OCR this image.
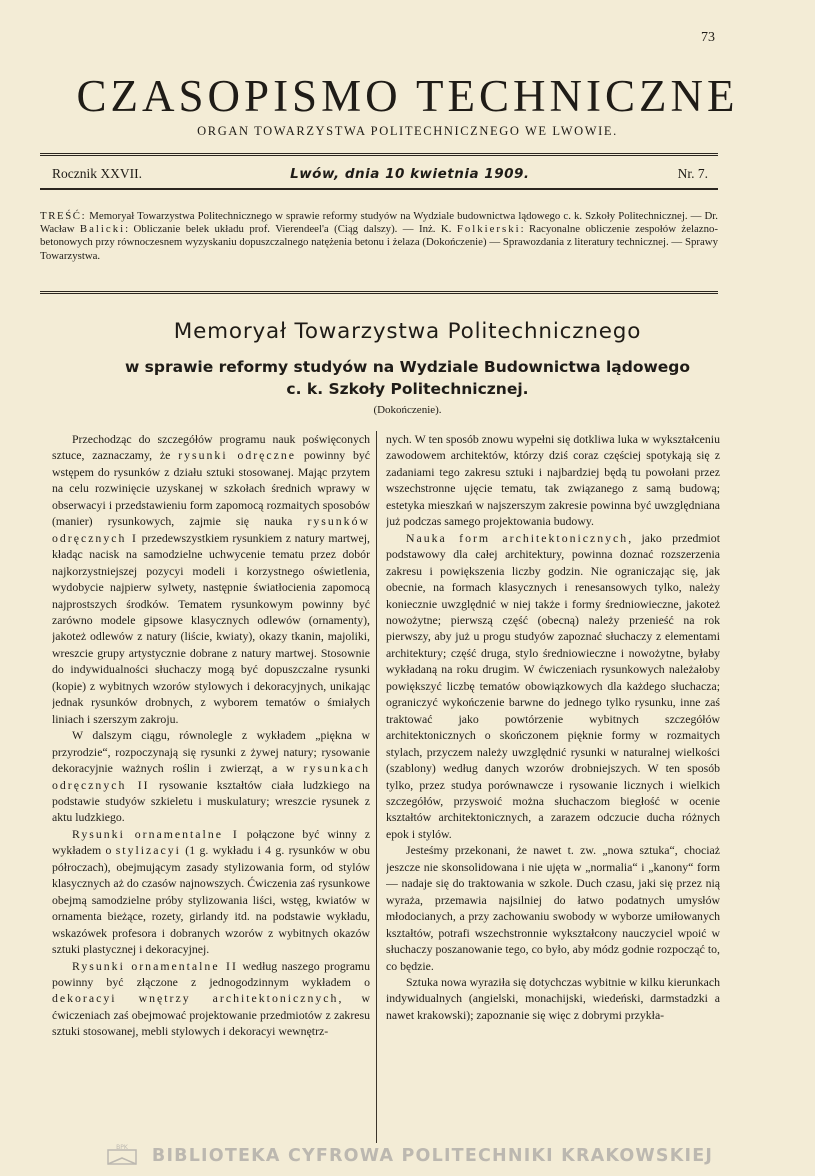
73
CZASOPISMO TECHNICZNE
ORGAN TOWARZYSTWA POLITECHNICZNEGO WE LWOWIE.
Rocznik XXVII.	Lwów, dnia 10 kwietnia 1909.	Nr. 7.
TREŚĆ: Memoryał Towarzystwa Politechnicznego w sprawie reformy studyów na Wydziale budownictwa lądowego c. k. Szkoły Politechnicznej. — Dr. Wacław Balicki: Obliczanie belek układu prof. Vierendeel'a (Ciąg dalszy). — Inż. K. Folkierski: Racyonalne obliczenie zespołów żelazno-betonowych przy równoczesnem wyzyskaniu dopuszczalnego natężenia betonu i żelaza (Dokończenie) — Sprawozdania z literatury technicznej. — Sprawy Towarzystwa.
Memoryał Towarzystwa Politechnicznego
w sprawie reformy studyów na Wydziale Budownictwa lądowego
c. k. Szkoły Politechnicznej.
(Dokończenie).

Przechodząc do szczegółów programu nauk poświęconych sztuce, zaznaczamy, że rysunki odręczne powinny być wstępem do rysunków z działu sztuki stosowanej. Mając przytem na celu rozwinięcie uzyskanej w szkołach średnich wprawy w obserwacyi i przedstawieniu form zapomocą rozmaitych sposobów (manier) rysunkowych, zajmie się nauka rysunków odręcznych I przedewszystkiem rysunkiem z natury martwej, kładąc nacisk na samodzielne uchwycenie tematu przez dobór najkorzystniejszej pozycyi modeli i korzystnego oświetlenia, wydobycie najpierw sylwety, następnie światłocienia zapomocą najprostszych środków. Tematem rysunkowym powinny być zarówno modele gipsowe klasycznych odlewów (ornamenty), jakoteż odlewów z natury (liście, kwiaty), okazy tkanin, majoliki, wreszcie grupy artystycznie dobrane z natury martwej. Stosownie do indywidualności słuchaczy mogą być dopuszczalne rysunki (kopie) z wybitnych wzorów stylowych i dekoracyjnych, unikając jednak rysunków drobnych, z wyborem tematów o śmiałych liniach i szerszym zakroju.

W dalszym ciągu, równolegle z wykładem „piękna w przyrodzie“, rozpoczynają się rysunki z żywej natury; rysowanie dekoracyjnie ważnych roślin i zwierząt, a w rysunkach odręcznych II rysowanie kształtów ciała ludzkiego na podstawie studyów szkieletu i muskulatury; wreszcie rysunek z aktu ludzkiego.

Rysunki ornamentalne I połączone być winny z wykładem o stylizacyi (1 g. wykładu i 4 g. rysunków w obu półroczach), obejmującym zasady stylizowania form, od stylów klasycznych aż do czasów najnowszych. Ćwiczenia zaś rysunkowe obejmą samodzielne próby stylizowania liści, wstęg, kwiatów w ornamenta bieżące, rozety, girlandy itd. na podstawie wykładu, wskazówek profesora i dobranych wzorów z wybitnych okazów sztuki plastycznej i dekoracyjnej.

Rysunki ornamentalne II według naszego programu powinny być złączone z jednogodzinnym wykładem o dekoracyi wnętrzy architektonicznych, w ćwiczeniach zaś obejmować projektowanie przedmiotów z zakresu sztuki stosowanej, mebli stylowych i dekoracyi wewnętrz-

nych. W ten sposób znowu wypełni się dotkliwa luka w wykształceniu zawodowem architektów, którzy dziś coraz częściej spotykają się z zadaniami tego zakresu sztuki i najbardziej będą tu powołani przez wszechstronne ujęcie tematu, tak związanego z samą budową; estetyka mieszkań w najszerszym zakresie powinna być uwzględniana już podczas samego projektowania budowy.

Nauka form architektonicznych, jako przedmiot podstawowy dla całej architektury, powinna doznać rozszerzenia zakresu i powiększenia liczby godzin. Nie ograniczając się, jak obecnie, na formach klasycznych i renesansowych tylko, należy koniecznie uwzględnić w niej także i formy średniowieczne, jakoteż nowożytne; pierwszą część (obecną) należy przenieść na rok pierwszy, aby już u progu studyów zapoznać słuchaczy z elementami architektury; część druga, stylo średniowieczne i nowożytne, byłaby wykładaną na roku drugim. W ćwiczeniach rysunkowych należałoby powiększyć liczbę tematów obowiązkowych dla każdego słuchacza; ograniczyć wykończenie barwne do jednego tylko rysunku, inne zaś traktować jako powtórzenie wybitnych szczegółów architektonicznych o skończonem pięknie formy w rozmaitych stylach, przyczem należy uwzględnić rysunki w naturalnej wielkości (szablony) według danych wzorów drobniejszych. W ten sposób tylko, przez studya porównawcze i rysowanie licznych i wielkich szczegółów, przyswoić można słuchaczom biegłość w ocenie kształtów architektonicznych, a zarazem odczucie ducha różnych epok i stylów.

Jesteśmy przekonani, że nawet t. zw. „nowa sztuka“, chociaż jeszcze nie skonsolidowana i nie ujęta w „normalia“ i „kanony“ form — nadaje się do traktowania w szkole. Duch czasu, jaki się przez nią wyraża, przemawia najsilniej do łatwo podatnych umysłów młodocianych, a przy zachowaniu swobody w wyborze umiłowanych kształtów, potrafi wszechstronnie wykształcony nauczyciel wpoić w słuchaczy poszanowanie tego, co było, aby módz godnie rozpocząć to, co będzie.

Sztuka nowa wyraziła się dotychczas wybitnie w kilku kierunkach indywidualnych (angielski, monachijski, wiedeński, darmstadzki a nawet krakowski); zapoznanie się więc z dobrymi przykła-

BPK BIBLIOTEKA CYFROWA POLITECHNIKI KRAKOWSKIEJ
